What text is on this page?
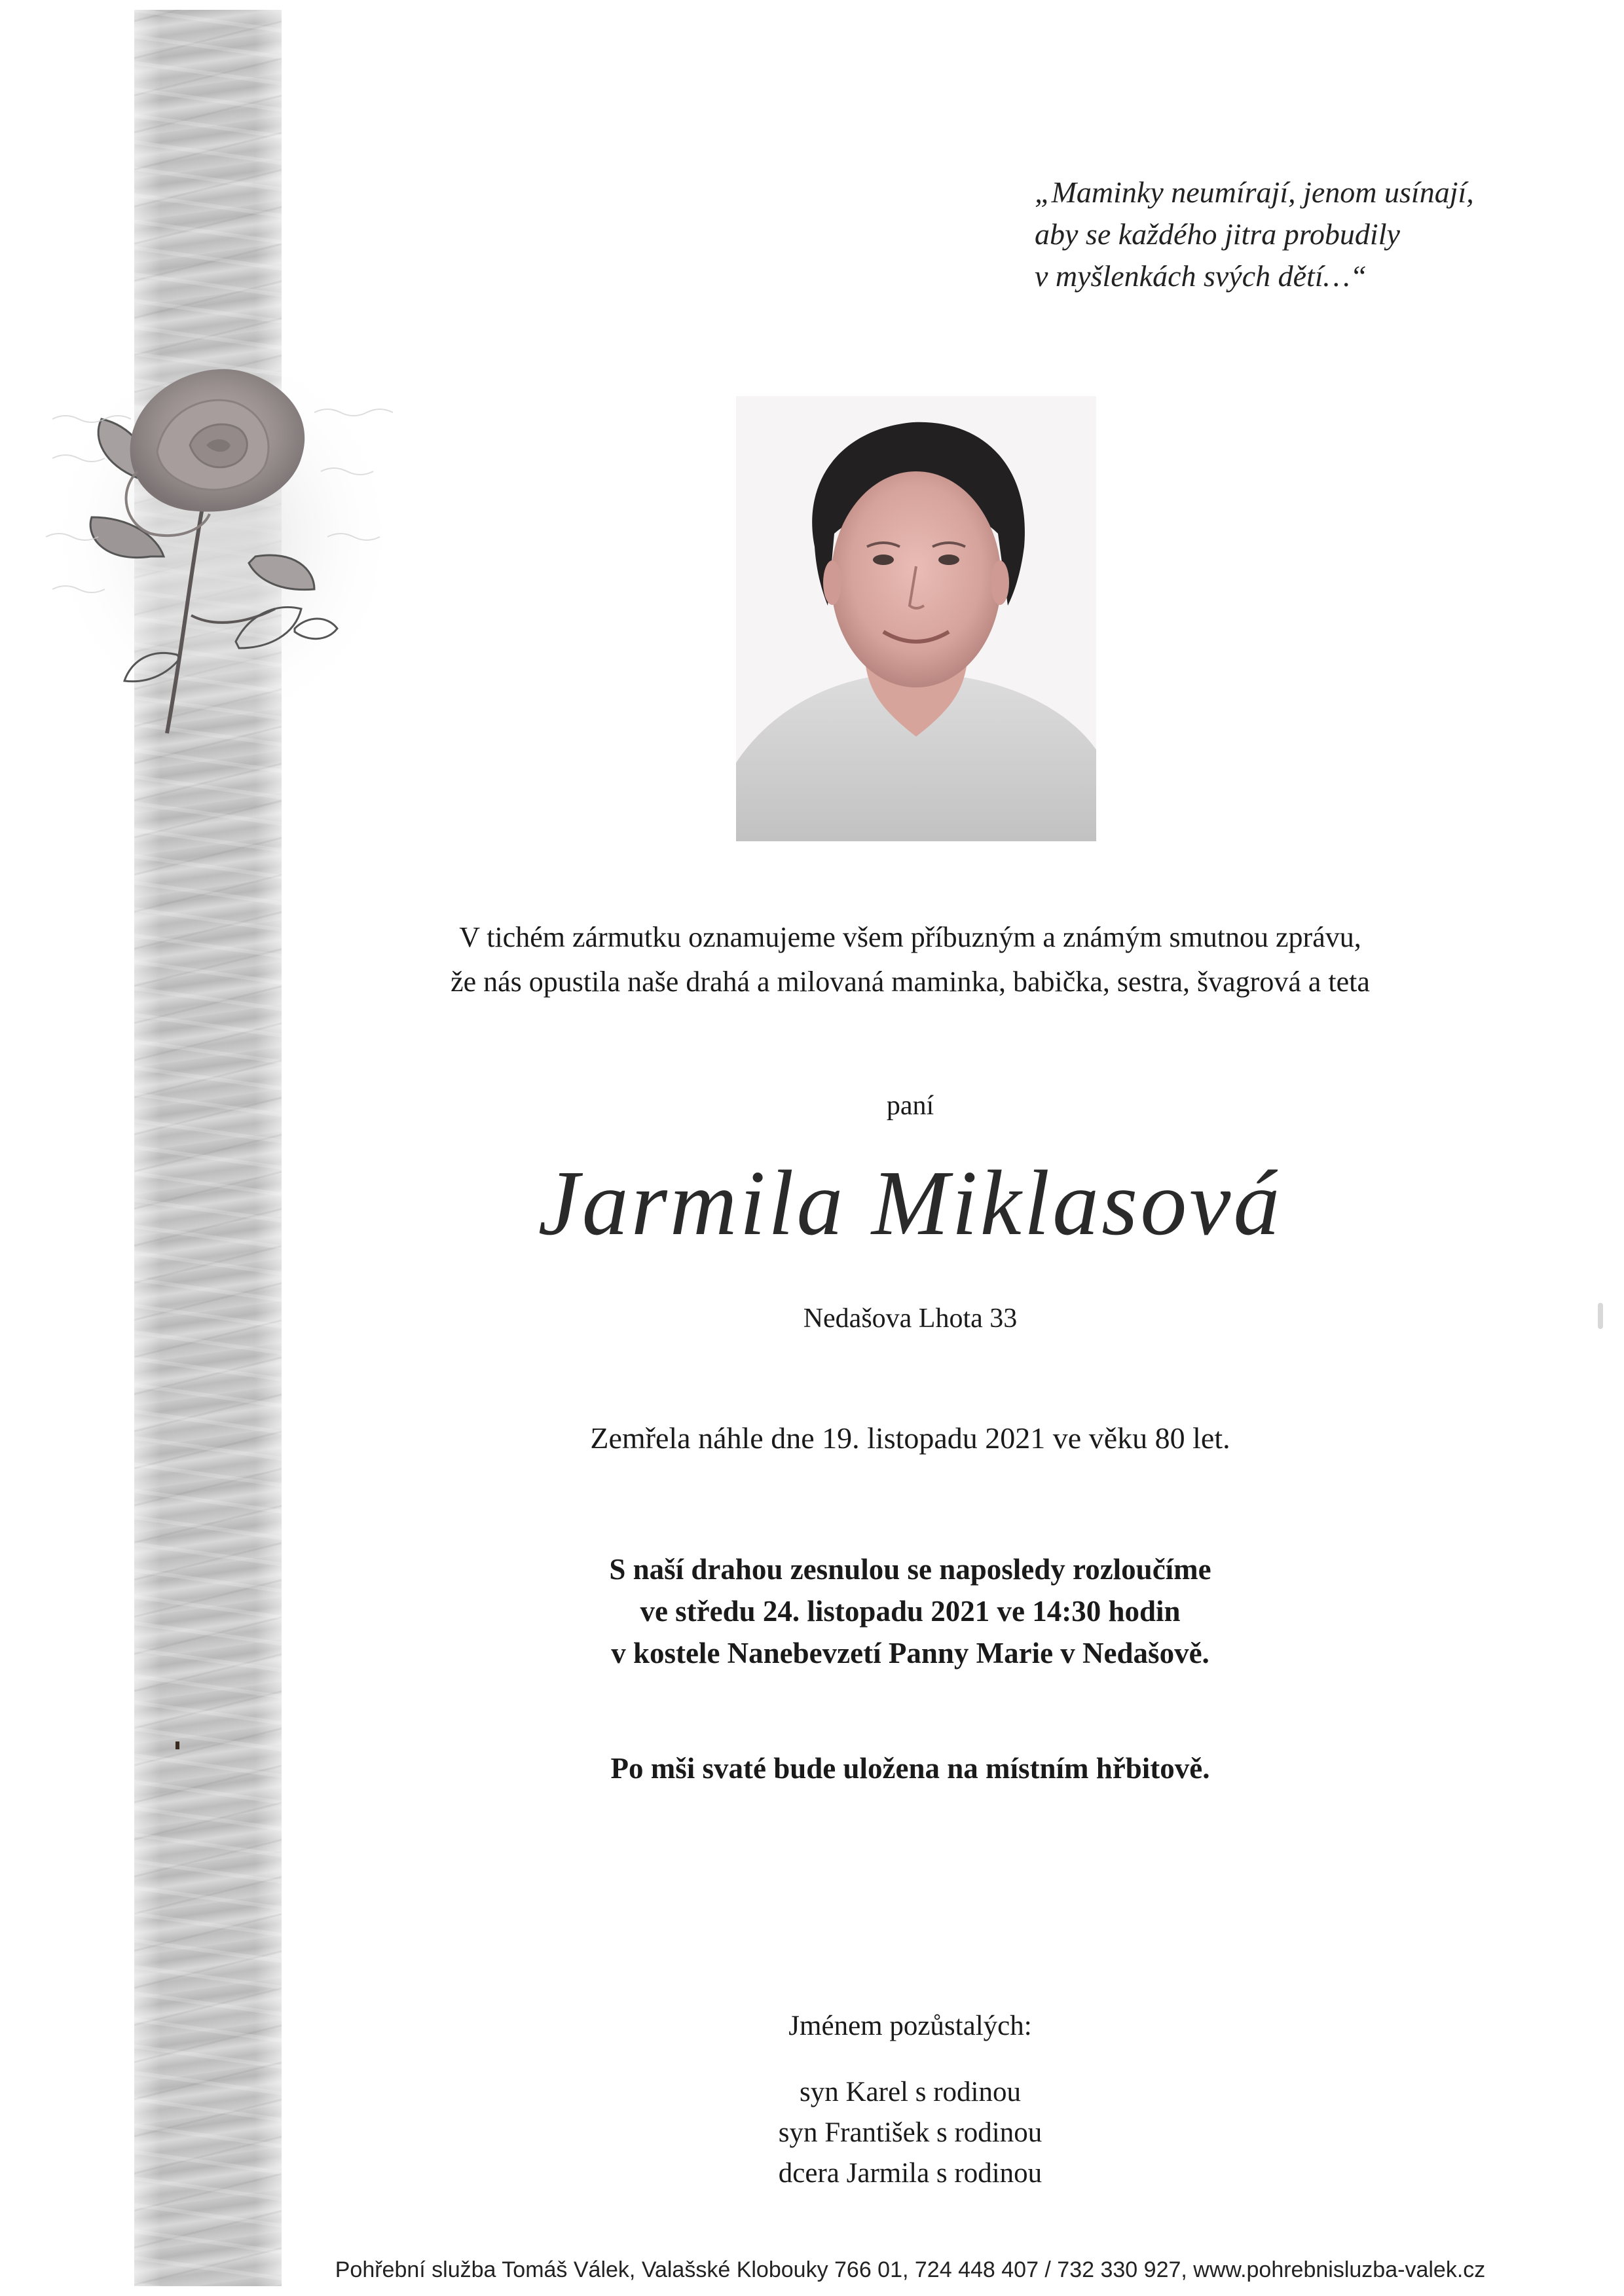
„Maminky neumírají, jenom usínají,
aby se každého jitra probudily
v myšlenkách svých dětí…“
V tichém zármutku oznamujeme všem příbuzným a známým smutnou zprávu,
že nás opustila naše drahá a milovaná maminka, babička, sestra, švagrová a teta
paní
Jarmila Miklasová
Nedašova Lhota 33
Zemřela náhle dne 19. listopadu 2021 ve věku 80 let.
S naší drahou zesnulou se naposledy rozloučíme
ve středu 24. listopadu 2021 ve 14:30 hodin
v kostele Nanebevzetí Panny Marie v Nedašově.
Po mši svaté bude uložena na místním hřbitově.
Jménem pozůstalých:
syn Karel s rodinou
syn František s rodinou
dcera Jarmila s rodinou
Pohřební služba Tomáš Válek, Valašské Klobouky 766 01, 724 448 407 / 732 330 927, www.pohrebnisluzba-valek.cz
